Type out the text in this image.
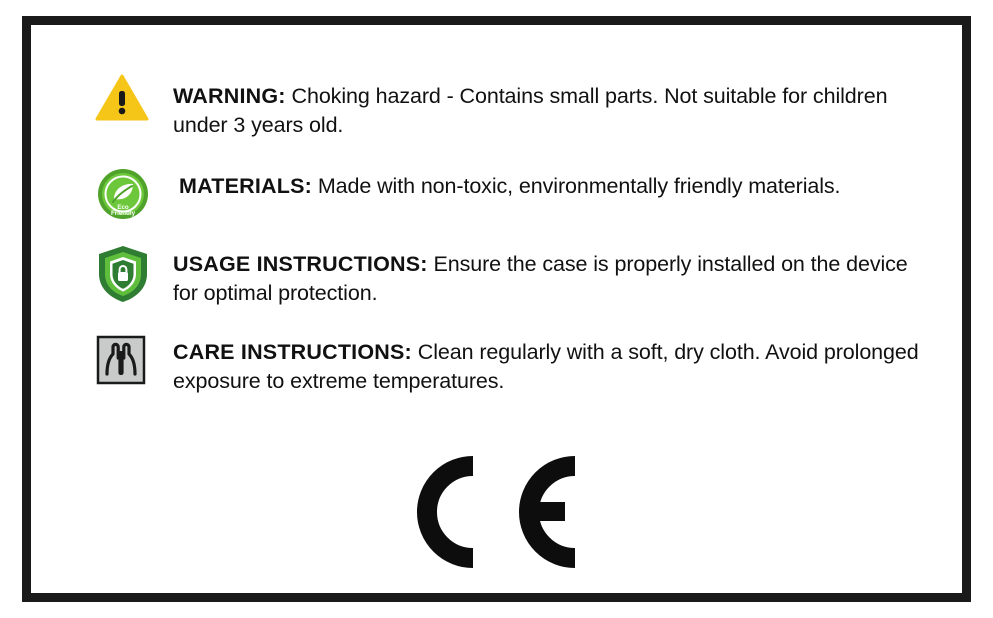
WARNING: Choking hazard - Contains small parts. Not suitable for children under 3 years old.
Eco
Friendly
MATERIALS: Made with non-toxic, environmentally friendly materials.
USAGE INSTRUCTIONS: Ensure the case is properly installed on the device for optimal protection.
CARE INSTRUCTIONS: Clean regularly with a soft, dry cloth. Avoid prolonged exposure to extreme temperatures.
